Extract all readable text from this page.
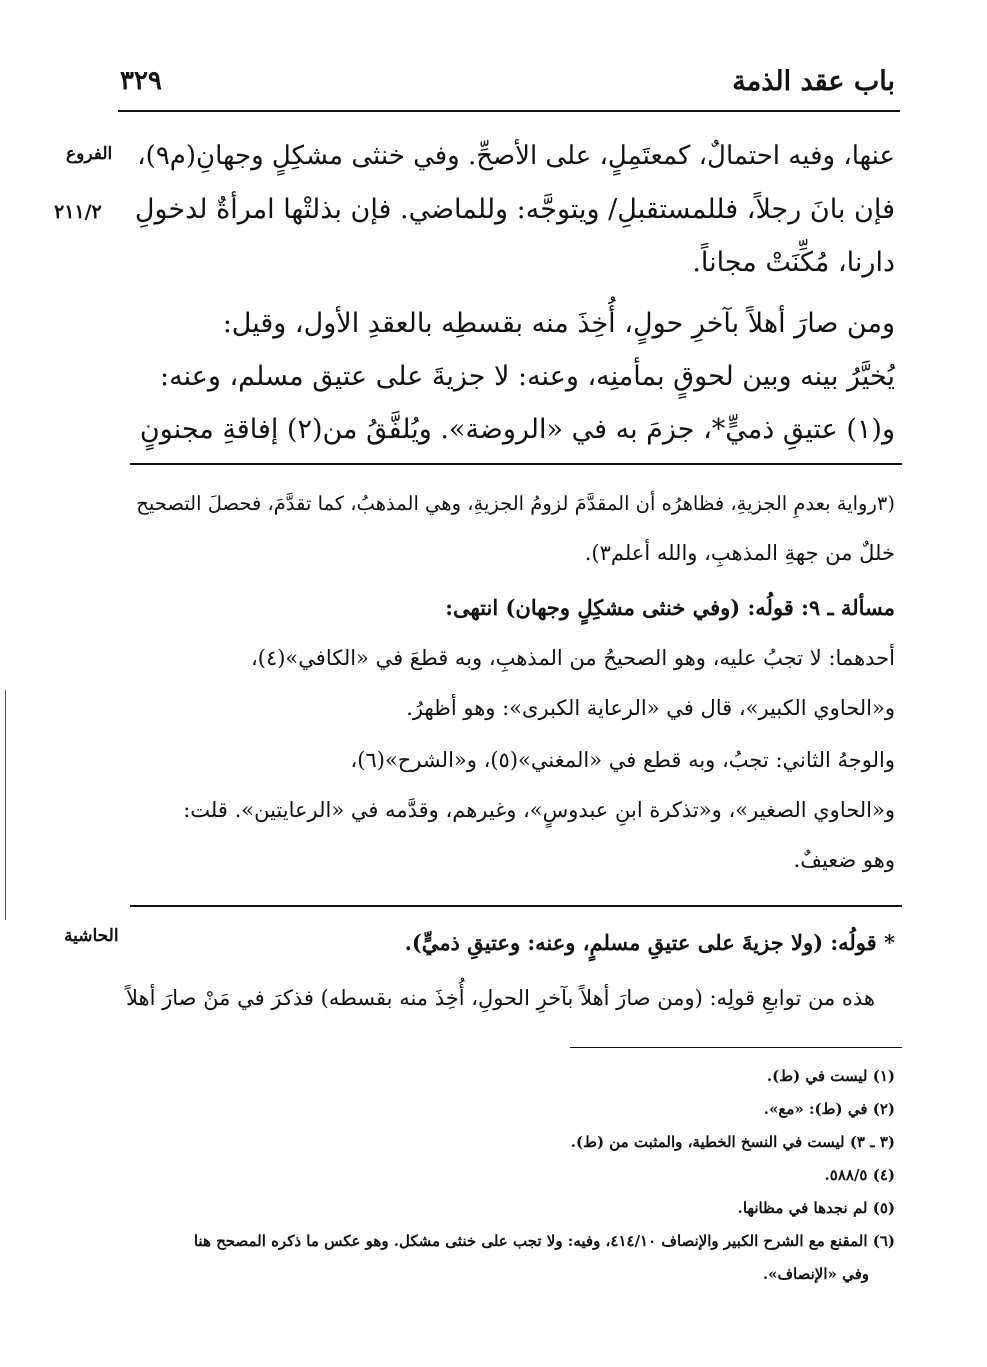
باب عقد الذمة
٣٢٩
الفروع
٢١١/٢
الحاشية
عنها، وفيه احتمالٌ، كمعتَمِلٍ، على الأصحِّ. وفي خنثى مشكِلٍ وجهانِ(م٩)،
فإن بانَ رجلاً، فللمستقبلِ/ ويتوجَّه: وللماضي. فإن بذلتْها امرأةٌ لدخولِ
دارنا، مُكِّنَتْ مجاناً.
ومن صارَ أهلاً بآخرِ حولٍ، أُخِذَ منه بقسطِه بالعقدِ الأول، وقيل:
يُخيَّرُ بينه وبين لحوقٍ بمأمنِه، وعنه: لا جزيةَ على عتيق مسلم، وعنه:
و(١) عتيقِ ذميٍّ*، جزمَ به في «الروضة». ويُلفَّقُ من(٢) إفاقةِ مجنونٍ
(٣رواية بعدمِ الجزيةِ، فظاهرُه أن المقدَّمَ لزومُ الجزيةِ، وهي المذهبُ، كما تقدَّمَ، فحصلَ التصحيح
خللٌ من جهةِ المذهبِ، والله أعلم٣).
مسألة ـ ٩: قولُه: (وفي خنثى مشكِلٍ وجهان) انتهى:
أحدهما: لا تجبُ عليه، وهو الصحيحُ من المذهبِ، وبه قطعَ في «الكافي»(٤)،
و«الحاوي الكبير»، قال في «الرعاية الكبرى»: وهو أظهرُ.
والوجهُ الثاني: تجبُ، وبه قطع في «المغني»(٥)، و«الشرح»(٦)،
و«الحاوي الصغير»، و«تذكرة ابنِ عبدوسٍ»، وغيرهم، وقدَّمه في «الرعايتين». قلت:
وهو ضعيفٌ.
* قولُه: (ولا جزيةَ على عتيقِ مسلمٍ، وعنه: وعتيقِ ذميٍّ).
هذه من توابعِ قولِه: (ومن صارَ أهلاً بآخرِ الحولِ، أُخِذَ منه بقسطه) فذكرَ في مَنْ صارَ أهلاً
(١) ليست في (ط).
(٢) في (ط): «مع».
(٣ ـ ٣) ليست في النسخ الخطية، والمثبت من (ط).
(٤) ٥٨٨/٥.
(٥) لم نجدها في مظانها.
(٦) المقنع مع الشرح الكبير والإنصاف ٤١٤/١٠، وفيه: ولا تجب على خنثى مشكل. وهو عكس ما ذكره المصحح هنا
وفي «الإنصاف».
